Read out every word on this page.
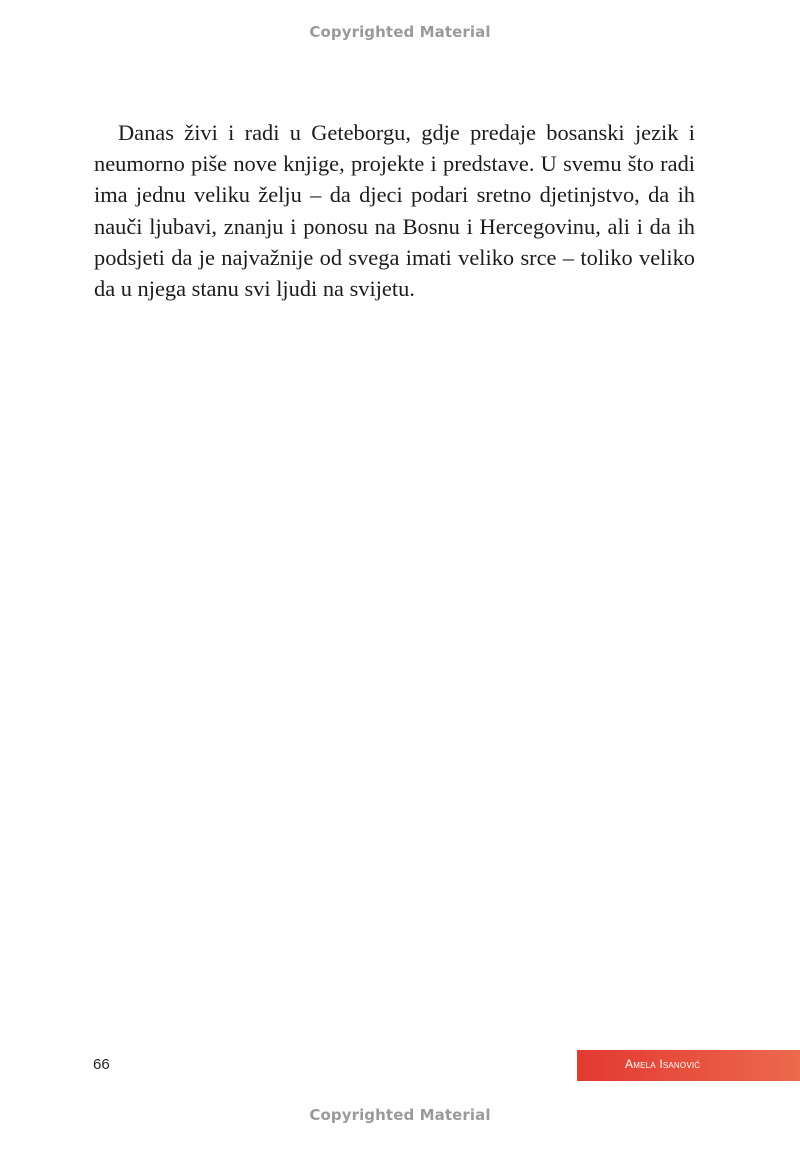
Copyrighted Material

Danas živi i radi u Geteborgu, gdje predaje bosanski jezik i neumorno piše nove knjige, projekte i predstave. U svemu što radi ima jednu veliku želju – da djeci podari sretno djetinjstvo, da ih nauči ljubavi, znanju i ponosu na Bosnu i Hercegovinu, ali i da ih podsjeti da je najvažnije od svega imati veliko srce – toliko veliko da u njega stanu svi ljudi na svijetu.

66	Amela Isanović
Copyrighted Material
